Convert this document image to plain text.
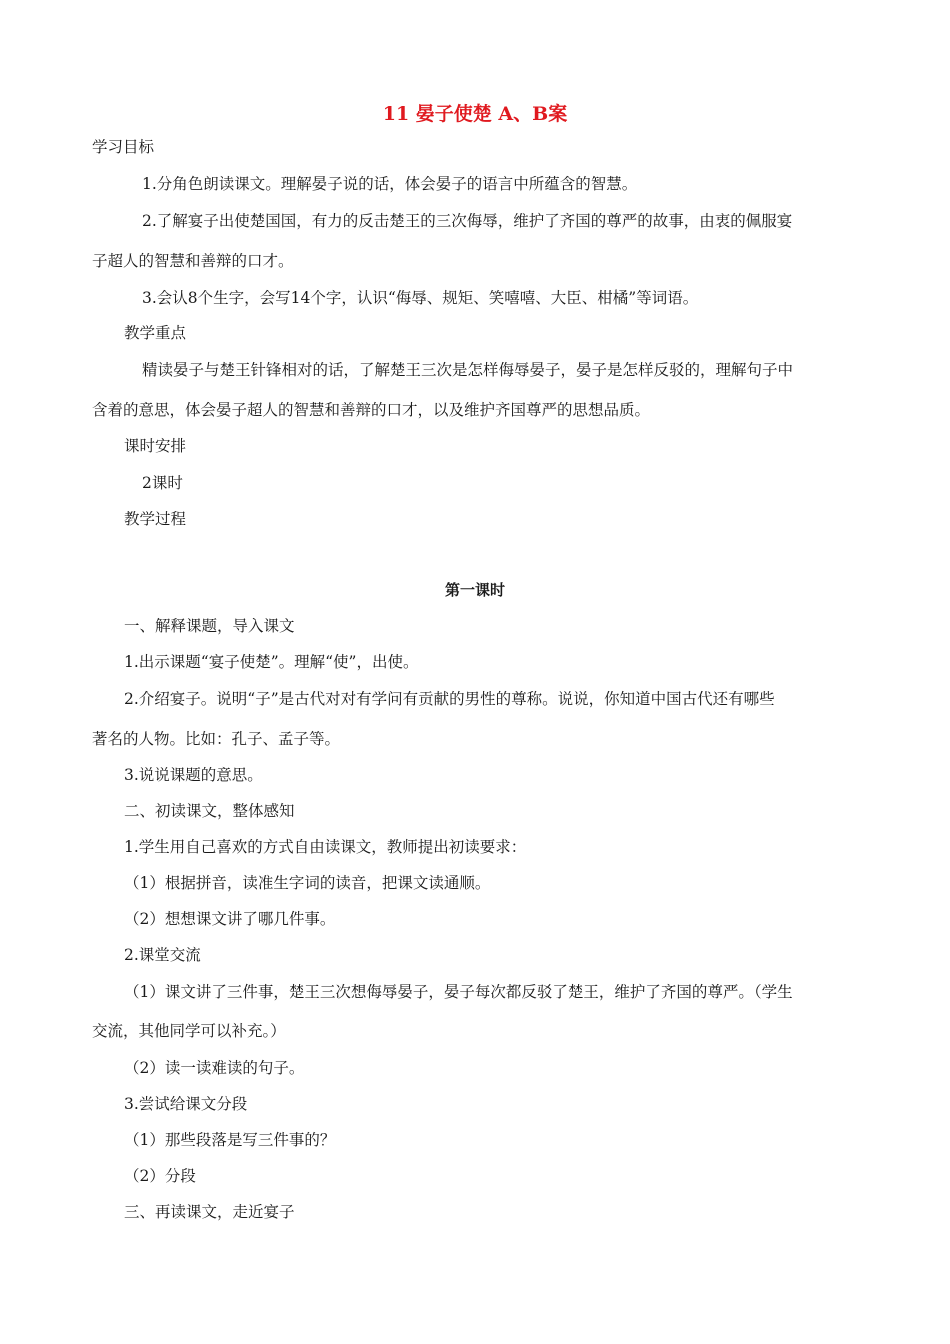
11 晏子使楚 A、B案
学习目标
1.分角色朗读课文。理解晏子说的话，体会晏子的语言中所蕴含的智慧。
2.了解宴子出使楚国国，有力的反击楚王的三次侮辱，维护了齐国的尊严的故事，由衷的佩服宴
子超人的智慧和善辩的口才。
3.会认8个生字，会写14个字，认识“侮辱、规矩、笑嘻嘻、大臣、柑橘”等词语。
教学重点
精读晏子与楚王针锋相对的话，了解楚王三次是怎样侮辱晏子，晏子是怎样反驳的，理解句子中
含着的意思，体会晏子超人的智慧和善辩的口才，以及维护齐国尊严的思想品质。
课时安排
2课时
教学过程
第一课时
一、解释课题，导入课文
1.出示课题“宴子使楚”。理解“使”，出使。
2.介绍宴子。说明“子”是古代对对有学问有贡献的男性的尊称。说说，你知道中国古代还有哪些
著名的人物。比如：孔子、孟子等。
3.说说课题的意思。
二、初读课文，整体感知
1.学生用自己喜欢的方式自由读课文，教师提出初读要求：
（1）根据拼音，读准生字词的读音，把课文读通顺。
（2）想想课文讲了哪几件事。
2.课堂交流
（1）课文讲了三件事，楚王三次想侮辱晏子，晏子每次都反驳了楚王，维护了齐国的尊严。（学生
交流，其他同学可以补充。）
（2）读一读难读的句子。
3.尝试给课文分段
（1）那些段落是写三件事的？
（2）分段
三、再读课文，走近宴子
